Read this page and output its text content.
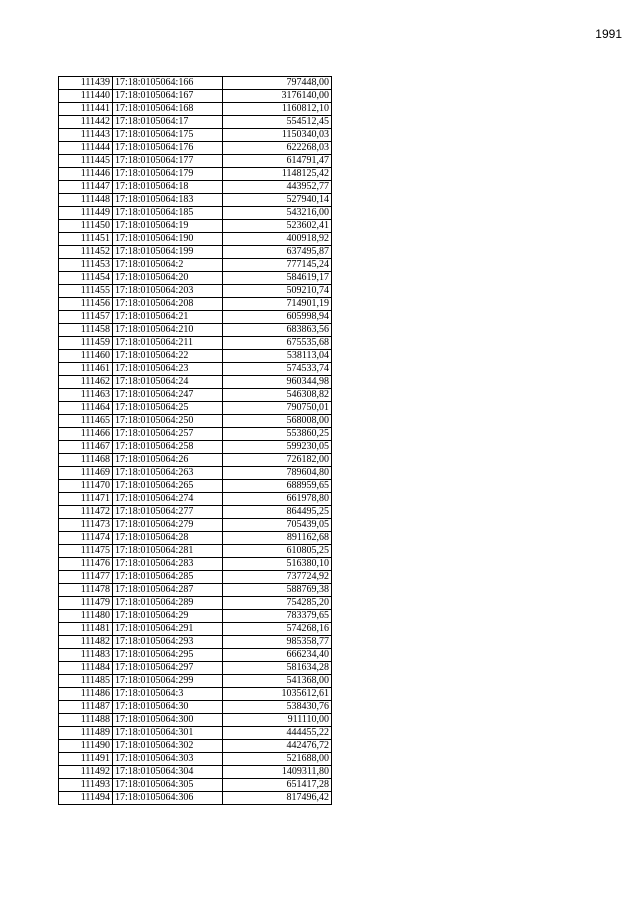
1991
111439	17:18:0105064:166	797448,00
111440	17:18:0105064:167	3176140,00
111441	17:18:0105064:168	1160812,10
111442	17:18:0105064:17	554512,45
111443	17:18:0105064:175	1150340,03
111444	17:18:0105064:176	622268,03
111445	17:18:0105064:177	614791,47
111446	17:18:0105064:179	1148125,42
111447	17:18:0105064:18	443952,77
111448	17:18:0105064:183	527940,14
111449	17:18:0105064:185	543216,00
111450	17:18:0105064:19	523602,41
111451	17:18:0105064:190	400918,92
111452	17:18:0105064:199	637495,87
111453	17:18:0105064:2	777145,24
111454	17:18:0105064:20	584619,17
111455	17:18:0105064:203	509210,74
111456	17:18:0105064:208	714901,19
111457	17:18:0105064:21	605998,94
111458	17:18:0105064:210	683863,56
111459	17:18:0105064:211	675535,68
111460	17:18:0105064:22	538113,04
111461	17:18:0105064:23	574533,74
111462	17:18:0105064:24	960344,98
111463	17:18:0105064:247	546308,82
111464	17:18:0105064:25	790750,01
111465	17:18:0105064:250	568008,00
111466	17:18:0105064:257	553860,25
111467	17:18:0105064:258	599230,05
111468	17:18:0105064:26	726182,00
111469	17:18:0105064:263	789604,80
111470	17:18:0105064:265	688959,65
111471	17:18:0105064:274	661978,80
111472	17:18:0105064:277	864495,25
111473	17:18:0105064:279	705439,05
111474	17:18:0105064:28	891162,68
111475	17:18:0105064:281	610805,25
111476	17:18:0105064:283	516380,10
111477	17:18:0105064:285	737724,92
111478	17:18:0105064:287	588769,38
111479	17:18:0105064:289	754285,20
111480	17:18:0105064:29	783379,65
111481	17:18:0105064:291	574268,16
111482	17:18:0105064:293	985358,77
111483	17:18:0105064:295	666234,40
111484	17:18:0105064:297	581634,28
111485	17:18:0105064:299	541368,00
111486	17:18:0105064:3	1035612,61
111487	17:18:0105064:30	538430,76
111488	17:18:0105064:300	911110,00
111489	17:18:0105064:301	444455,22
111490	17:18:0105064:302	442476,72
111491	17:18:0105064:303	521688,00
111492	17:18:0105064:304	1409311,80
111493	17:18:0105064:305	651417,28
111494	17:18:0105064:306	817496,42
